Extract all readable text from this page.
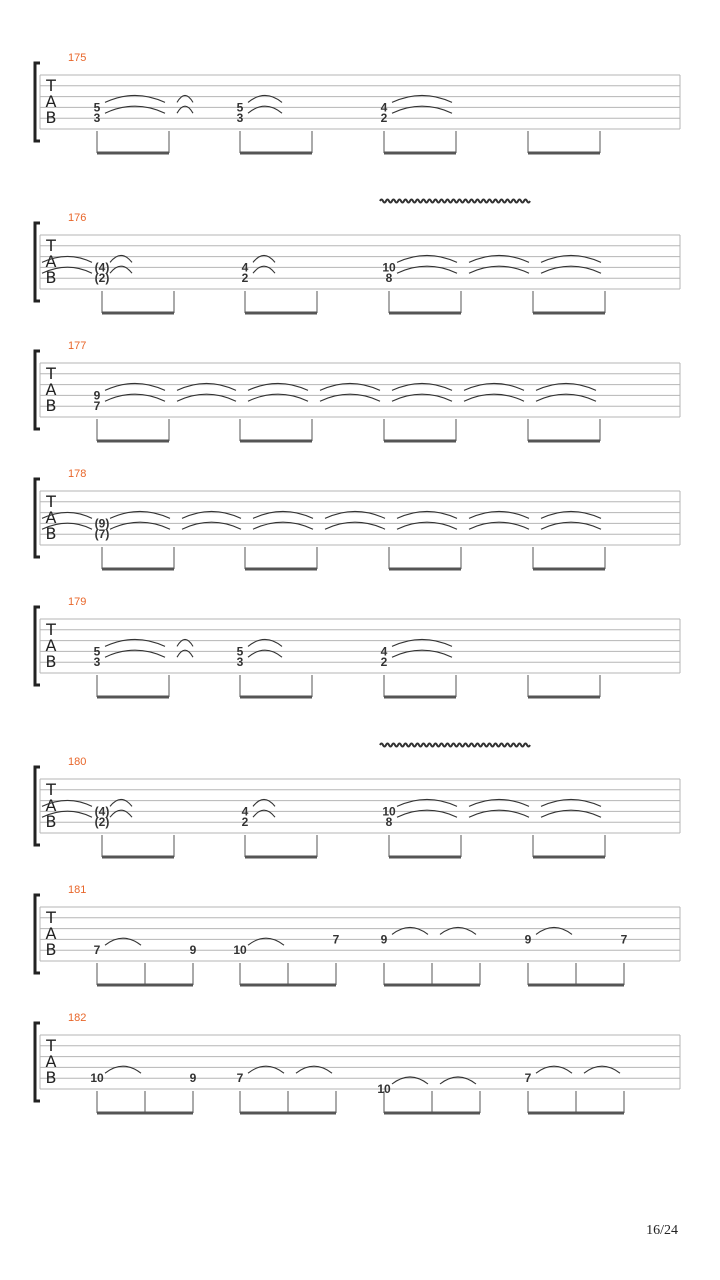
175
T
A
B
5
3
5
3
4
2
176
T
A
B
(4)
(2)
4
2
10
8
177
T
A
B
9
7
178
T
A
B
(9)
(7)
179
T
A
B
5
3
5
3
4
2
180
T
A
B
(4)
(2)
4
2
10
8
181
T
A
B	7	9	10
7	9	9	7
182
T
A
B	10	9	7
10
7
16/24
